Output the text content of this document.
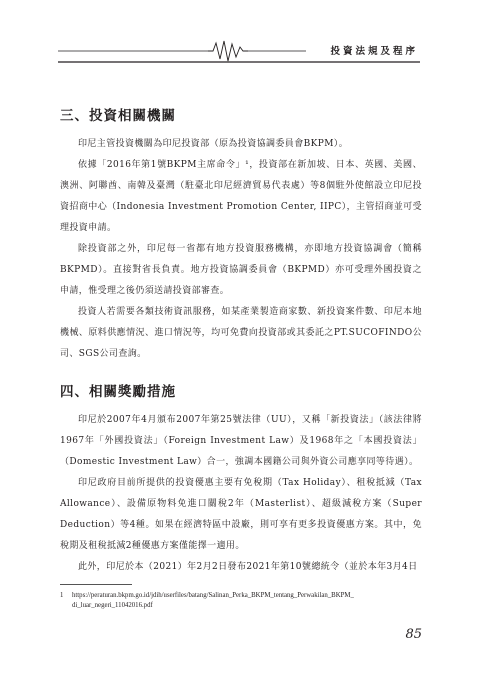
投資法規及程序
三、投資相關機關

印尼主管投資機關為印尼投資部（原為投資協調委員會BKPM）。

依據「2016年第1號BKPM主席命令」¹，投資部在新加坡、日本、英國、美國、澳洲、阿聯酋、南韓及臺灣（駐臺北印尼經濟貿易代表處）等8個駐外使館設立印尼投資招商中心（Indonesia Investment Promotion Center, IIPC），主管招商並可受理投資申請。

除投資部之外，印尼每一省都有地方投資服務機構，亦即地方投資協調會（簡稱BKPMD）。直接對省長負責。地方投資協調委員會（BKPMD）亦可受理外國投資之申請，惟受理之後仍須送請投資部審查。

投資人若需要各類技術資訊服務，如某產業製造商家數、新投資案件數、印尼本地機械、原料供應情況、進口情況等，均可免費向投資部或其委託之PT.SUCOFINDO公司、SGS公司查詢。

四、相關獎勵措施

印尼於2007年4月頒布2007年第25號法律（UU），又稱「新投資法」（該法律將1967年「外國投資法」（Foreign Investment Law）及1968年之「本國投資法」（Domestic Investment Law）合一，強調本國籍公司與外資公司應享同等待遇）。

印尼政府目前所提供的投資優惠主要有免稅期（Tax Holiday）、租稅抵減（Tax Allowance）、設備原物料免進口關稅2年（Masterlist）、超級減稅方案（Super Deduction）等4種。如果在經濟特區中設廠，則可享有更多投資優惠方案。其中，免稅期及租稅抵減2種優惠方案僅能擇一適用。

此外，印尼於本（2021）年2月2日發布2021年第10號總統令（並於本年3月4日

1 https://peraturan.bkpm.go.id/jdih/userfiles/batang/Salinan_Perka_BKPM_tentang_Perwakilan_BKPM_
di_luar_negeri_11042016.pdf
85
